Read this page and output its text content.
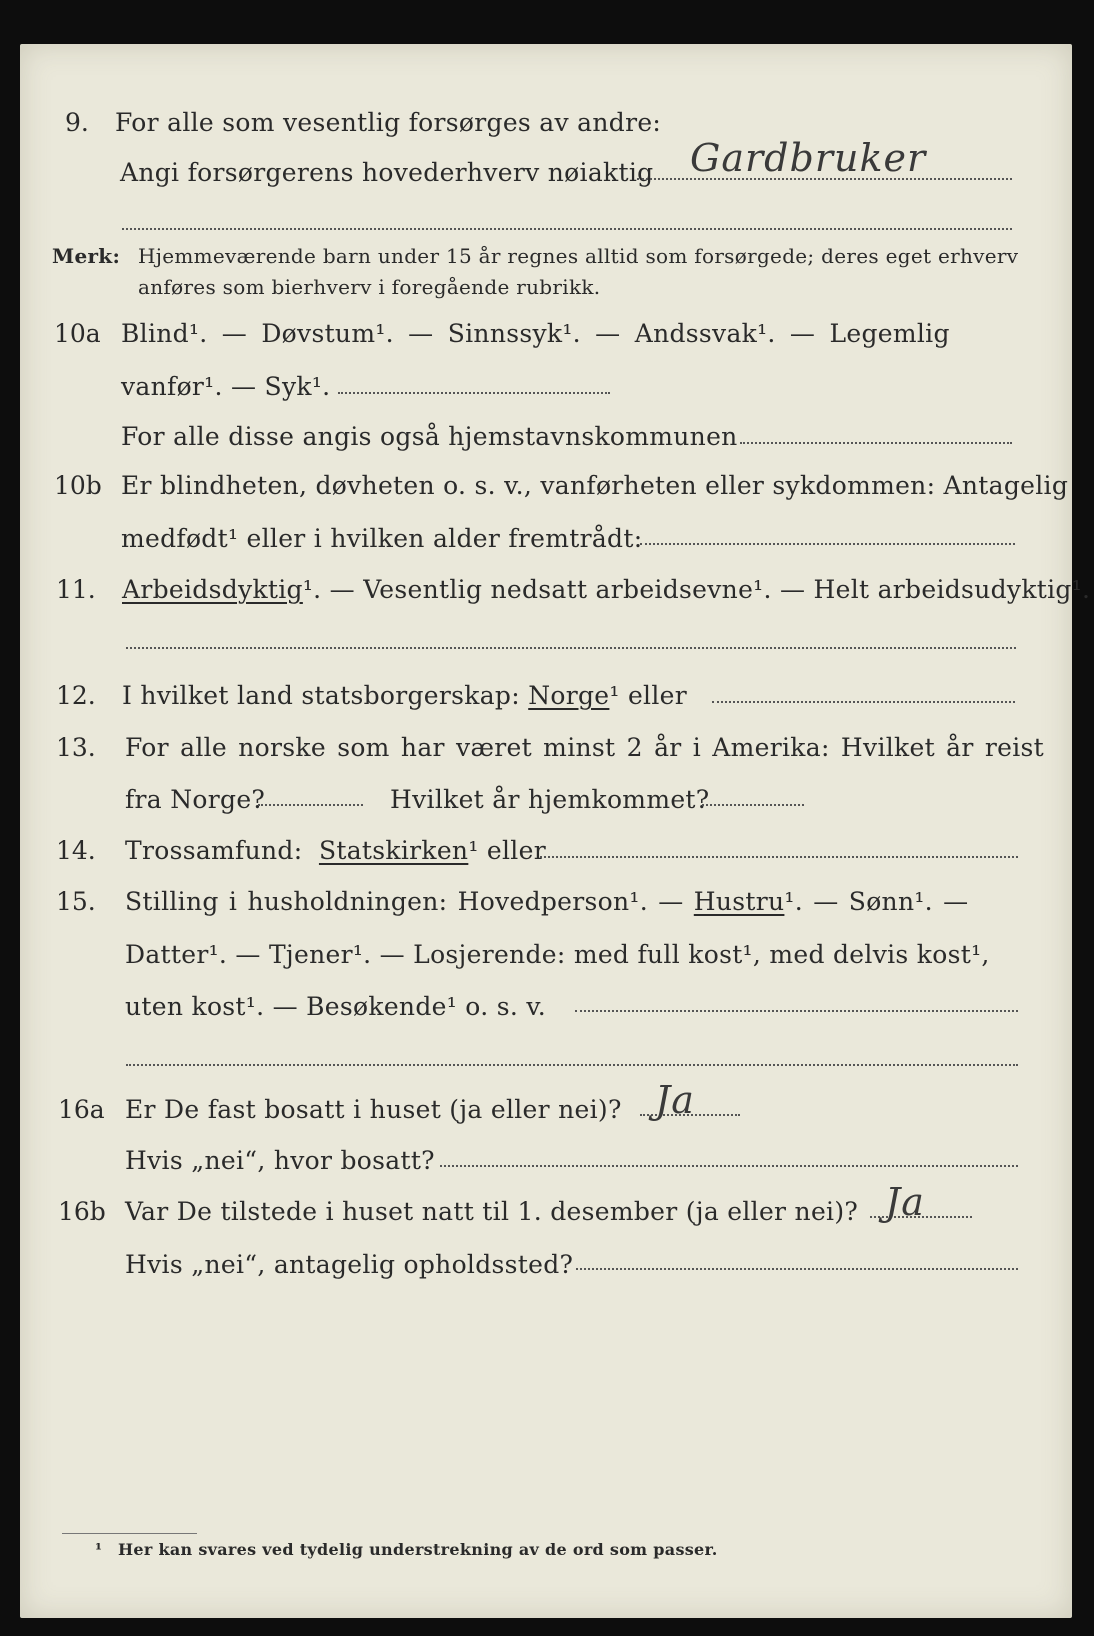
9. For alle som vesentlig forsørges av andre:
Angi forsørgerens hovederhverv nøiaktig Gardbruker
Merk: Hjemmeværende barn under 15 år regnes alltid som forsørgede; deres eget erhverv
anføres som bierhverv i foregående rubrikk.
10a Blind¹. — Døvstum¹. — Sinnssyk¹. — Andssvak¹. — Legemlig
vanfør¹. — Syk¹.
For alle disse angis også hjemstavnskommunen
10b Er blindheten, døvheten o. s. v., vanførheten eller sykdommen: Antagelig
medfødt¹ eller i hvilken alder fremtrådt:
11. Arbeidsdyktig¹. — Vesentlig nedsatt arbeidsevne¹. — Helt arbeidsudyktig¹.
12. I hvilket land statsborgerskap: Norge¹ eller
13. For alle norske som har været minst 2 år i Amerika: Hvilket år reist
fra Norge?	Hvilket år hjemkommet?
14. Trossamfund: Statskirken¹ eller
15. Stilling i husholdningen: Hovedperson¹. — Hustru¹. — Sønn¹. —
Datter¹. — Tjener¹. — Losjerende: med full kost¹, med delvis kost¹,
uten kost¹. — Besøkende¹ o. s. v.
16a Er De fast bosatt i huset (ja eller nei)? Ja
Hvis „nei“, hvor bosatt?
16b Var De tilstede i huset natt til 1. desember (ja eller nei)? Ja
Hvis „nei“, antagelig opholdssted?
¹ Her kan svares ved tydelig understrekning av de ord som passer.
